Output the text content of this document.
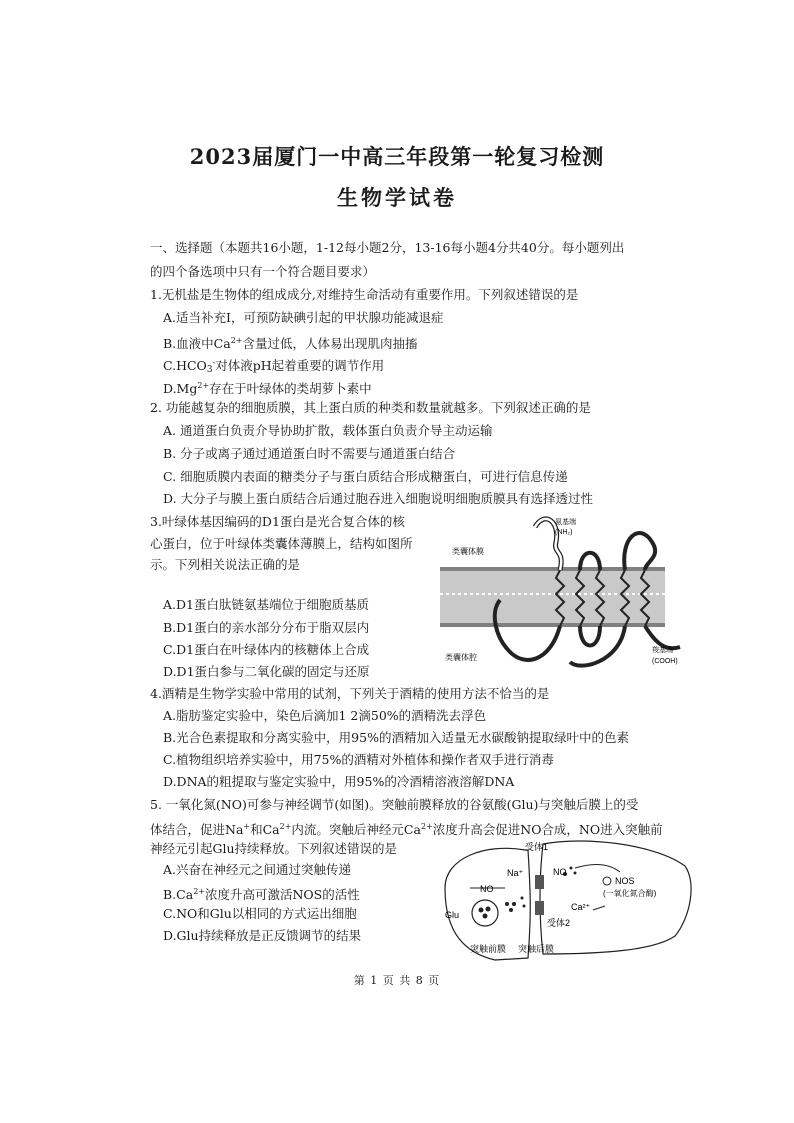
2023届厦门一中高三年段第一轮复习检测
生物学试卷
一、选择题（本题共16小题，1-12每小题2分，13-16每小题4分共40分。每小题列出
的四个备选项中只有一个符合题目要求）
1.无机盐是生物体的组成成分,对维持生命活动有重要作用。下列叙述错误的是
A.适当补充Ⅰ，可预防缺碘引起的甲状腺功能减退症
B.血液中$Ca^{2+}$含量过低，人体易出现肌肉抽搐
$C.HCO_3^-$对体液pH起着重要的调节作用
$D.Mg^{2+}$存在于叶绿体的类胡萝卜素中
2. 功能越复杂的细胞质膜，其上蛋白质的种类和数量就越多。下列叙述正确的是
A. 通道蛋白负责介导协助扩散，载体蛋白负责介导主动运输
B. 分子或离子通过通道蛋白时不需要与通道蛋白结合
C. 细胞质膜内表面的糖类分子与蛋白质结合形成糖蛋白，可进行信息传递
D. 大分子与膜上蛋白质结合后通过胞吞进入细胞说明细胞质膜具有选择透过性
3.叶绿体基因编码的D1蛋白是光合复合体的核
心蛋白，位于叶绿体类囊体薄膜上，结构如图所
示。下列相关说法正确的是
A.D1蛋白肽链氨基端位于细胞质基质
B.D1蛋白的亲水部分分布于脂双层内
C.D1蛋白在叶绿体内的核糖体上合成
D.D1蛋白参与二氧化碳的固定与还原
氨基端
(NH₂)
类囊体膜
类囊体腔
羧基端
(COOH)
4.酒精是生物学实验中常用的试剂，下列关于酒精的使用方法不恰当的是
A.脂肪鉴定实验中，染色后滴加1 2滴50%的酒精洗去浮色
B.光合色素提取和分离实验中，用95%的酒精加入适量无水碳酸钠提取绿叶中的色素
C.植物组织培养实验中，用75%的酒精对外植体和操作者双手进行消毒
D.DNA的粗提取与鉴定实验中，用95%的冷酒精溶液溶解DNA
5. 一氧化氮(NO)可参与神经调节(如图)。突触前膜释放的谷氨酸(Glu)与突触后膜上的受
体结合，促进Na+和$Ca^{2+}$内流。突触后神经元$Ca^{2+}$浓度升高会促进NO合成，NO进入突触前
神经元引起Glu持续释放。下列叙述错误的是
A.兴奋在神经元之间通过突触传递
$B.Ca^{2+}$浓度升高可激活NOS的活性
C.NO和Glu以相同的方式运出细胞
D.Glu持续释放是正反馈调节的结果
受体1
Na⁺
NO
NO
NOS
(一氧化氮合酶)
Glu
Ca²⁺
受体2
突触前膜 突触后膜
第 1 页 共 8 页
